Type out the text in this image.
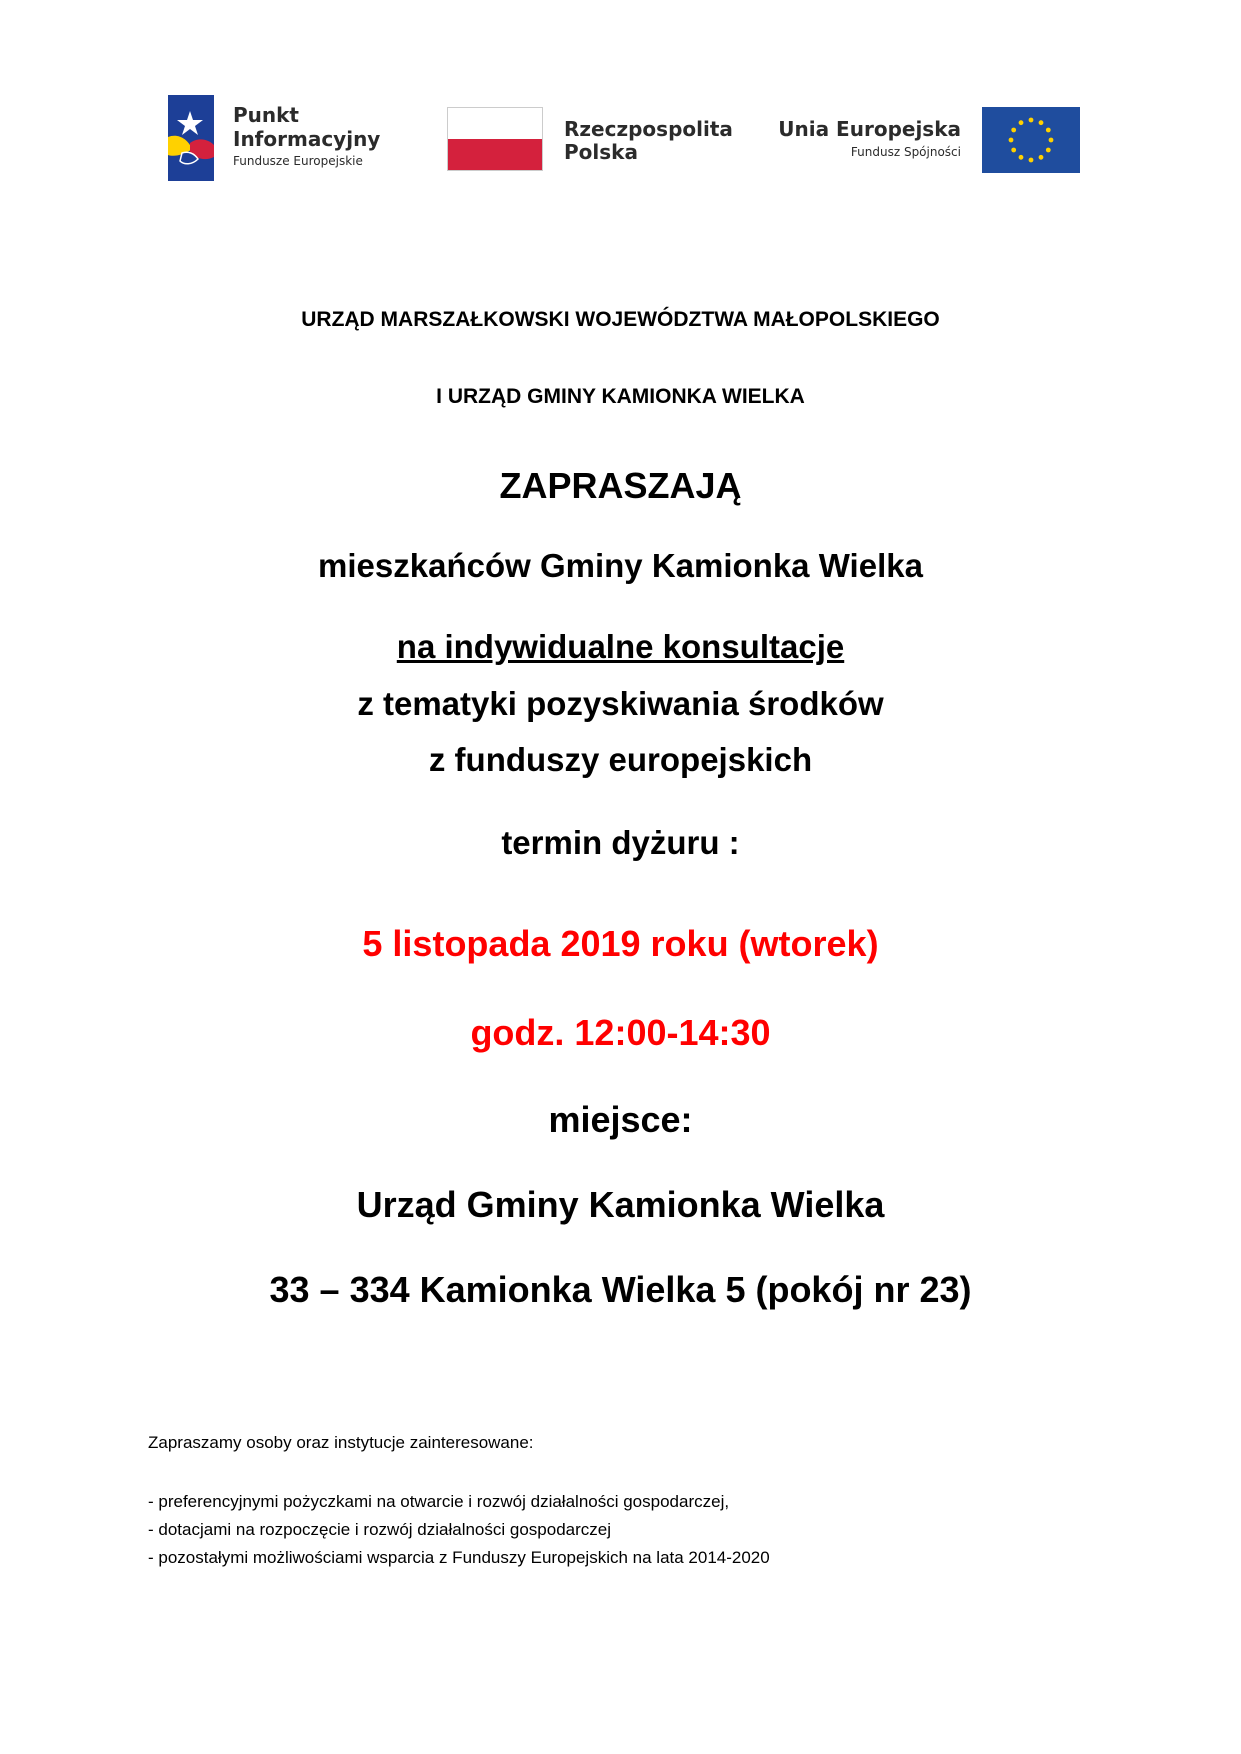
Punkt
Informacyjny
Fundusze Europejskie
Rzeczpospolita
Polska
Unia Europejska
Fundusz Spójności
URZĄD MARSZAŁKOWSKI WOJEWÓDZTWA MAŁOPOLSKIEGO
I URZĄD GMINY KAMIONKA WIELKA
ZAPRASZAJĄ
mieszkańców Gminy Kamionka Wielka
na indywidualne konsultacje
z tematyki pozyskiwania środków
z funduszy europejskich
termin dyżuru :
5 listopada 2019 roku (wtorek)
godz. 12:00-14:30
miejsce:
Urząd Gminy Kamionka Wielka
33 – 334 Kamionka Wielka 5 (pokój nr 23)
Zapraszamy osoby oraz instytucje zainteresowane:
- preferencyjnymi pożyczkami na otwarcie i rozwój działalności gospodarczej,
- dotacjami na rozpoczęcie i rozwój działalności gospodarczej
- pozostałymi możliwościami wsparcia z Funduszy Europejskich na lata 2014-2020
